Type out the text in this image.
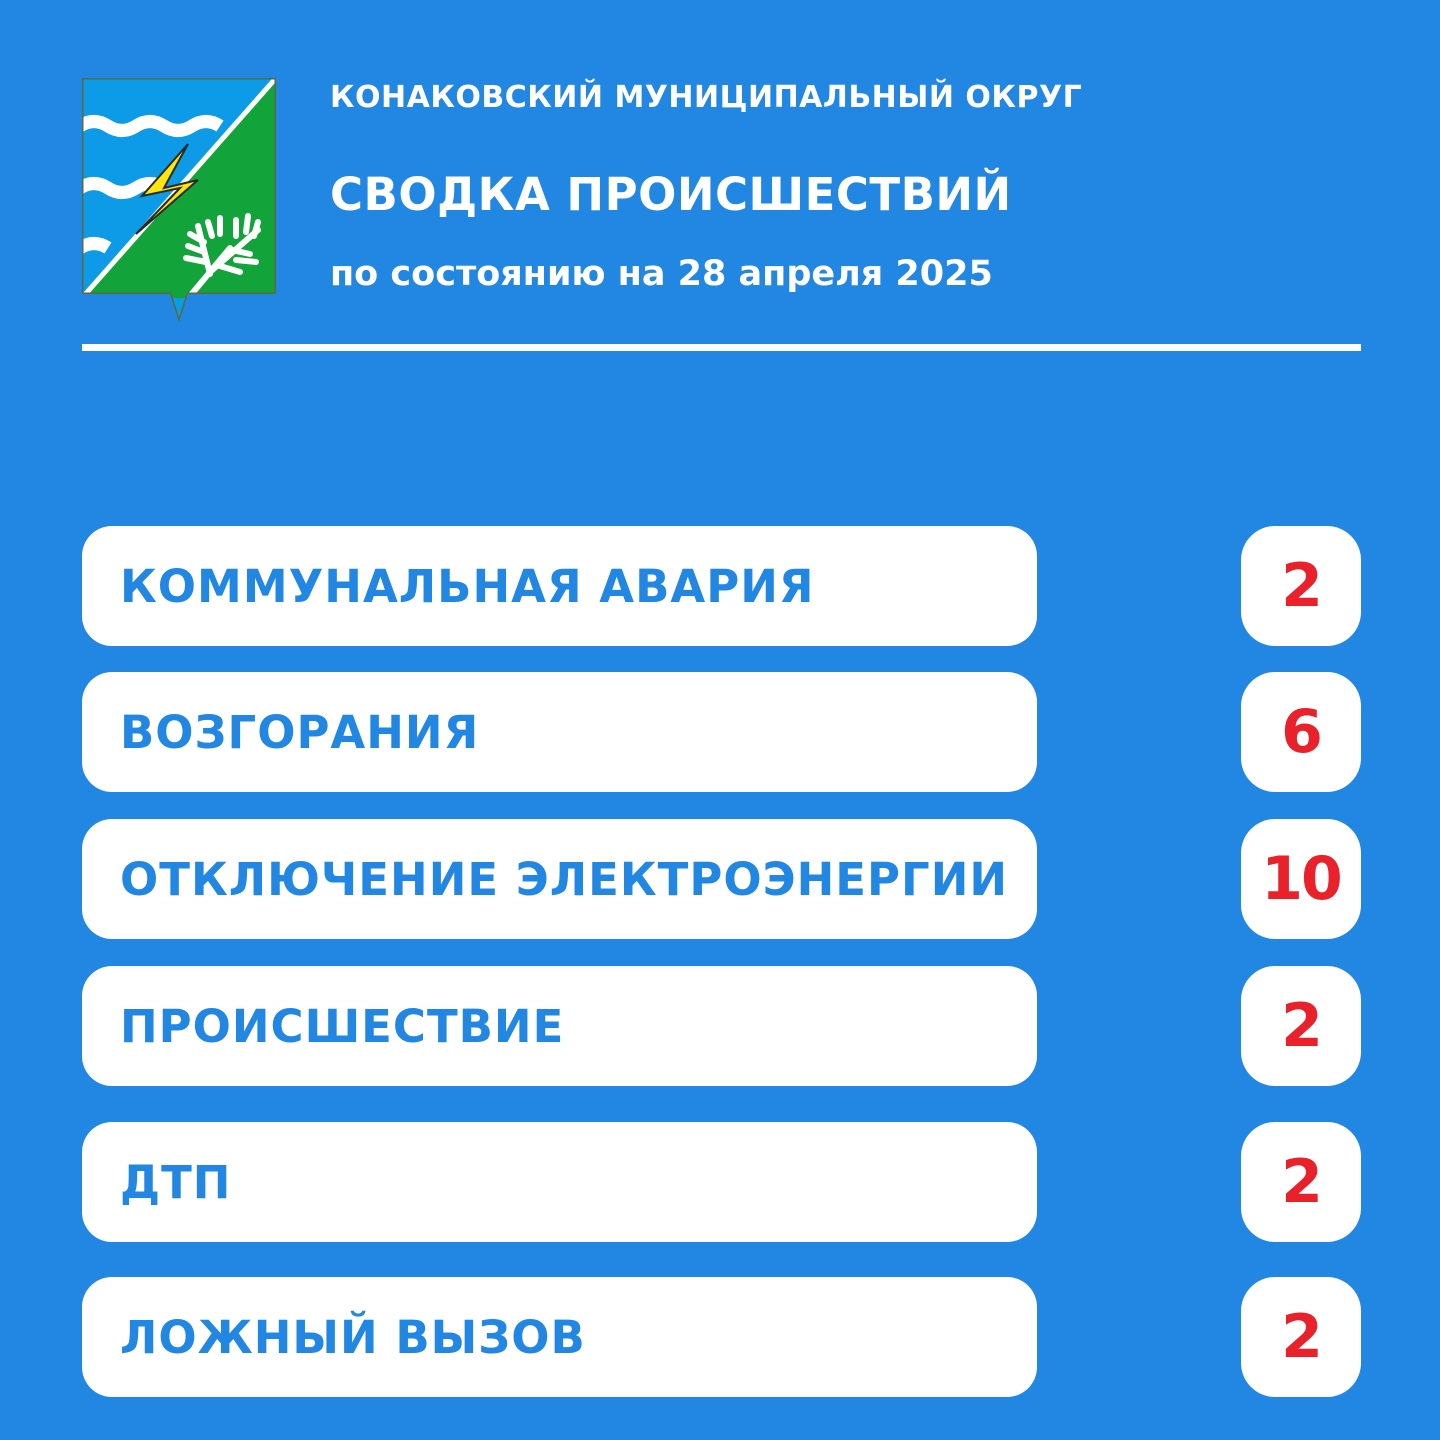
КОНАКОВСКИЙ МУНИЦИПАЛЬНЫЙ ОКРУГ
СВОДКА ПРОИСШЕСТВИЙ
по состоянию на 28 апреля 2025
КОММУНАЛЬНАЯ АВАРИЯ	2
ВОЗГОРАНИЯ	6
ОТКЛЮЧЕНИЕ ЭЛЕКТРОЭНЕРГИИ	10
ПРОИСШЕСТВИЕ	2
ДТП	2
ЛОЖНЫЙ ВЫЗОВ	2
